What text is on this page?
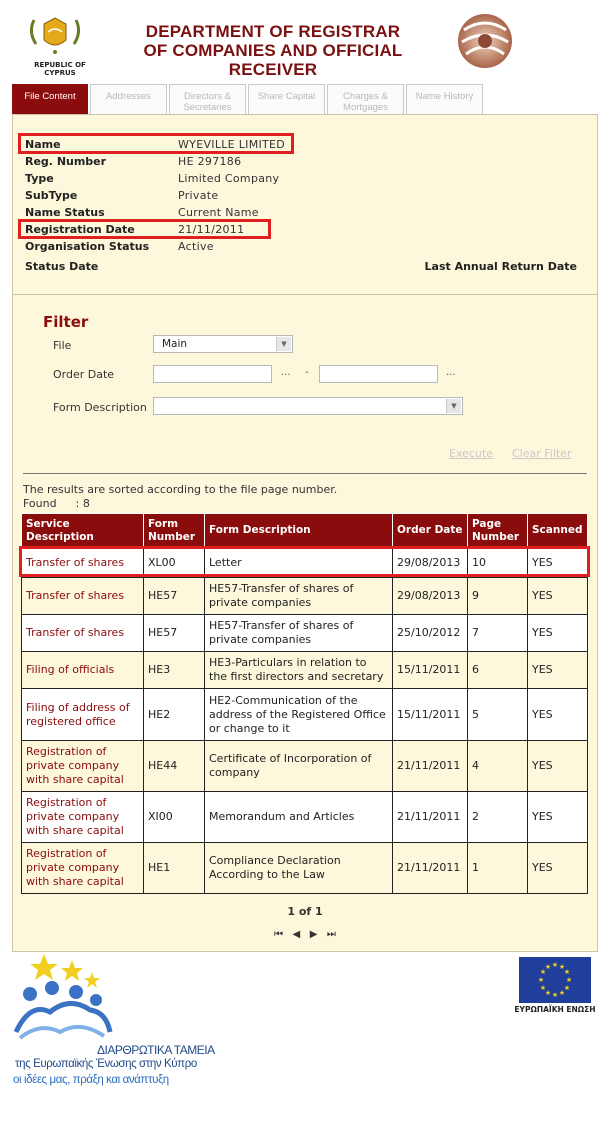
REPUBLIC OF CYPRUS
DEPARTMENT OF REGISTRAR
OF COMPANIES AND OFFICIAL RECEIVER
File Content	Addresses	Directors & Secretaries
Share Capital	Charges & Mortgages
Name History
Name	WYEVILLE LIMITED
Reg. Number	HE 297186
Type	Limited Company
SubType	Private
Name Status	Current Name
Registration Date	21/11/2011
Organisation Status	Active
Status Date	Last Annual Return Date
Filter
File	Main	▼
Order Date	... -	...
Form Description	▼
Execute Clear Filter
The results are sorted according to the file page number.
Found : 8
Service Description	Form Number	Form Description	Order Date	Page Number	Scanned
Transfer of shares	XL00	Letter	29/08/2013	10	YES
Transfer of shares	HE57	HE57-Transfer of shares of private companies	29/08/2013	9	YES
Transfer of shares	HE57	HE57-Transfer of shares of private companies	25/10/2012	7	YES
Filing of officials	HE3	HE3-Particulars in relation to the first directors and secretary	15/11/2011	6	YES
Filing of address of registered office	HE2	HE2-Communication of the address of the Registered Office or change to it	15/11/2011	5	YES
Registration of private company with share capital	HE44	Certificate of Incorporation of company	21/11/2011	4	YES
Registration of private company with share capital	XI00	Memorandum and Articles	21/11/2011	2	YES
Registration of private company with share capital	HE1	Compliance Declaration According to the Law	21/11/2011	1	YES
1 of 1
⏮ ◀ ▶ ⏭
ΔΙΑΡΘΡΩΤΙΚΑ ΤΑΜΕΙΑ
της Ευρωπαϊκής Ένωσης στην Κύπρο
οι ιδέες μας, πράξη και ανάπτυξη
★ ★
★
★
★
★
★
★
★
★
★
★
ΕΥΡΩΠΑΪΚΗ ΕΝΩΣΗ
